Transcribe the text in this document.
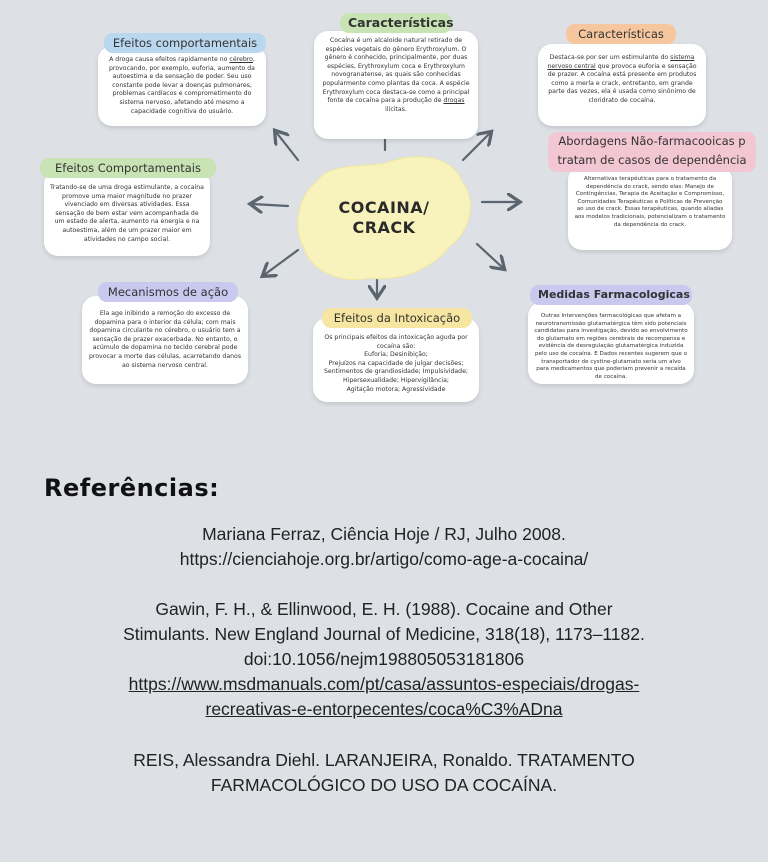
COCAINA/
CRACK

Cocaína é um alcaloide natural retirado de espécies vegetais do gênero Erythroxylum. O gênero é conhecido, principalmente, por duas espécies, Erythroxylum coca e Erythroxylum novogranatense, as quais são conhecidas popularmente como plantas da coca. A espécie Erythroxylum coca destaca-se como a principal fonte de cocaína para a produção de drogas ilícitas.

Características

A droga causa efeitos rapidamente no cérebro, provocando, por exemplo, euforia, aumento da autoestima e da sensação de poder. Seu uso constante pode levar a doenças pulmonares, problemas cardíacos e comprometimento do sistema nervoso, afetando até mesmo a capacidade cognitiva do usuário.

Efeitos comportamentais

Destaca-se por ser um estimulante do sistema nervoso central que provoca euforia e sensação de prazer. A cocaína está presente em produtos como a merla e crack, entretanto, em grande parte das vezes, ela é usada como sinônimo de cloridrato de cocaína.

Características

Alternativas terapêuticas para o tratamento da dependência do crack, sendo elas: Manejo de Contingências, Terapia de Aceitação e Compromisso, Comunidades Terapêuticas e Políticas de Prevenção ao uso de crack. Essas terapêuticas, quando aliadas aos modelos tradicionais, potencializam o tratamento da dependência do crack.

Abordagens Não-farmacooicas p
tratam de casos de dependência

Tratando-se de uma droga estimulante, a cocaína promove uma maior magnitude no prazer vivenciado em diversas atividades. Essa sensação de bem estar vem acompanhada de um estado de alerta, aumento na energia e na autoestima, além de um prazer maior em atividades no campo social.

Efeitos Comportamentais

Ela age inibindo a remoção do excesso de dopamina para o interior da célula; com mais dopamina circulante no cérebro, o usuário tem a sensação de prazer exacerbada. No entanto, o acúmulo de dopamina no tecido cerebral pode provocar a morte das células, acarretando danos ao sistema nervoso central.

Mecanismos de ação

Os principais efeitos da intoxicação aguda por
cocaína são:
Euforia; Desinibição;
Prejuízos na capacidade de julgar decisões;
Sentimentos de grandiosidade; Impulsividade;
Hipersexualidade; Hipervigilância;
Agitação motora; Agressividade

Efeitos da Intoxicação	Outras intervenções farmacológicas que afetam a neurotransmissão glutamatérgica têm sido potenciais candidatas para investigação, devido ao envolvimento do glutamato em regiões cerebrais de recompensa e evidência de desregulação glutamatérgica induzida pelo uso de cocaína. E Dados recentes sugerem que o transportador de cystine-glutamato seria um alvo para medicamentos que poderiam prevenir a recaída de cocaína.

Medidas Farmacologicas
Referências:
Mariana Ferraz, Ciência Hoje / RJ, Julho 2008.
https://cienciahoje.org.br/artigo/como-age-a-cocaina/
Gawin, F. H., & Ellinwood, E. H. (1988). Cocaine and Other
Stimulants. New England Journal of Medicine, 318(18), 1173–1182.
doi:10.1056/nejm198805053181806
https://www.msdmanuals.com/pt/casa/assuntos-especiais/drogas-
recreativas-e-entorpecentes/coca%C3%ADna
REIS, Alessandra Diehl. LARANJEIRA, Ronaldo. TRATAMENTO
FARMACOLÓGICO DO USO DA COCAÍNA.
